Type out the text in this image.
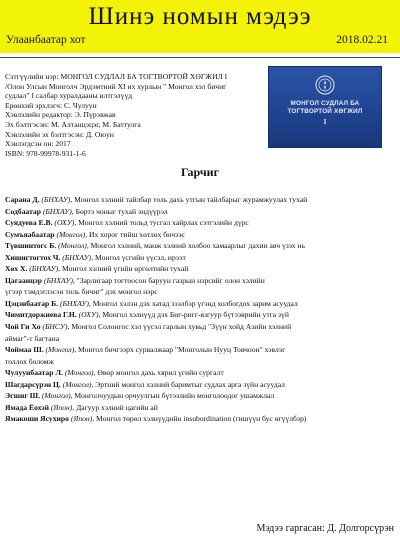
Шинэ номын мэдээ
Улаанбаатар хот	2018.02.21
Сэтгүүлийн нэр: МОНГОЛ СУДЛАЛ БА ТОГТВОРТОЙ ХӨГЖИЛ I
/Олон Улсын Монголч Эрдэмтний XI их хурлын " Монгол хэл бичиг
судлал" I салбар хуралдааны илтгэлүүд
Ерөнхий эрхлэгч: С. Чулуун
Хэвлэлийн редактор: Э. Пүрэвжав
Эх бэлтгэсэн: М. Алтанцэцэг, М. Баттулга
Хэвлэлийн эх бэлтгэсэн: Д. Оюун
Хэвлэгдсэн он: 2017
ISBN: 978-99978-931-1-6
МОНГОЛ СУДЛАЛ БА
ТОГТВОРТОЙ ХӨГЖИЛ
I
Гарчиг
Сарана Д. (БНХАУ), Монгол хэлний тайлбар толь дахь утгын тайлбарыг журамжуулах тухай
Содбаатар (БНХАУ), Бөртэ чоныг тухай эндүүрэл
Суядуева Е.В. (ОХУ), Монгол хэлний тольд тусгал хайрлах сэтгэлийн дүрс
Сумъяабаатар (Монгол), Их хорог тийш хөтлөх бичээс
Түвшинтогс Б. (Монгол), Монгол хэлний, манж хэлний холбоо хамаарлыг дахин авч үзэх нь
Хишигтогтох Ч. (БНХАУ), Монгол үсгийн үүсэл, ирээт
Хөх Х. (БНХАУ), Монгол хэлний үгийн өргөлтийн тухай
Цагаанцэр (БНХАУ), "Зарлигаар тогтоосон баруун газрын нэрсийг олон хэлийн
үгээр тэмдэглэсэн толь бичиг" дэх монгол нэрс
Цэцэнбаатар Б. (БНХАУ), Монгол хэлэн дэх хатад зээлбэр үгэнд холбогдох зарим асуудал
Чимитдоржиева Г.Н. (ОХУ), Монгол хэлнүүд дэх Биг-ригг-язгуур бүтээврийн утга зүй
Чой Ги Хо (БНСУ), Монгол Солонгос хэл үүсэл гарлын хувьд "Зүүн хойд Азийн хэлний
аймаг"-т багтана
Чоймаа Ш. (Монгол), Монгол бичгээрх сурвалжаар "Монголын Нууц Товчоон" хэвлэг
толлох боломж
Чулуунбаатар Л. (Монгол), Өвөр монгол дахь хярил үгийн сургалт
Шагдарсүрэн Ц. (Монгол), Эртний монгол хэлний баримтыг судлах арга зүйн асуудал
Эгшиг Ш. (Монгол), Монголчуудын орчуулгын бүтээлийн монголоодог ушамжлал
Ямада Ёохэй (Япон), Дагуур хэлний цагийн ай
Ямакоши Ясухиро (Япон), Монгол төрөл хэлнүүдийн insubordination (гишүүн бус өгүүлбэр)
Мэдээ гаргасан: Д. Долгорсүрэн
